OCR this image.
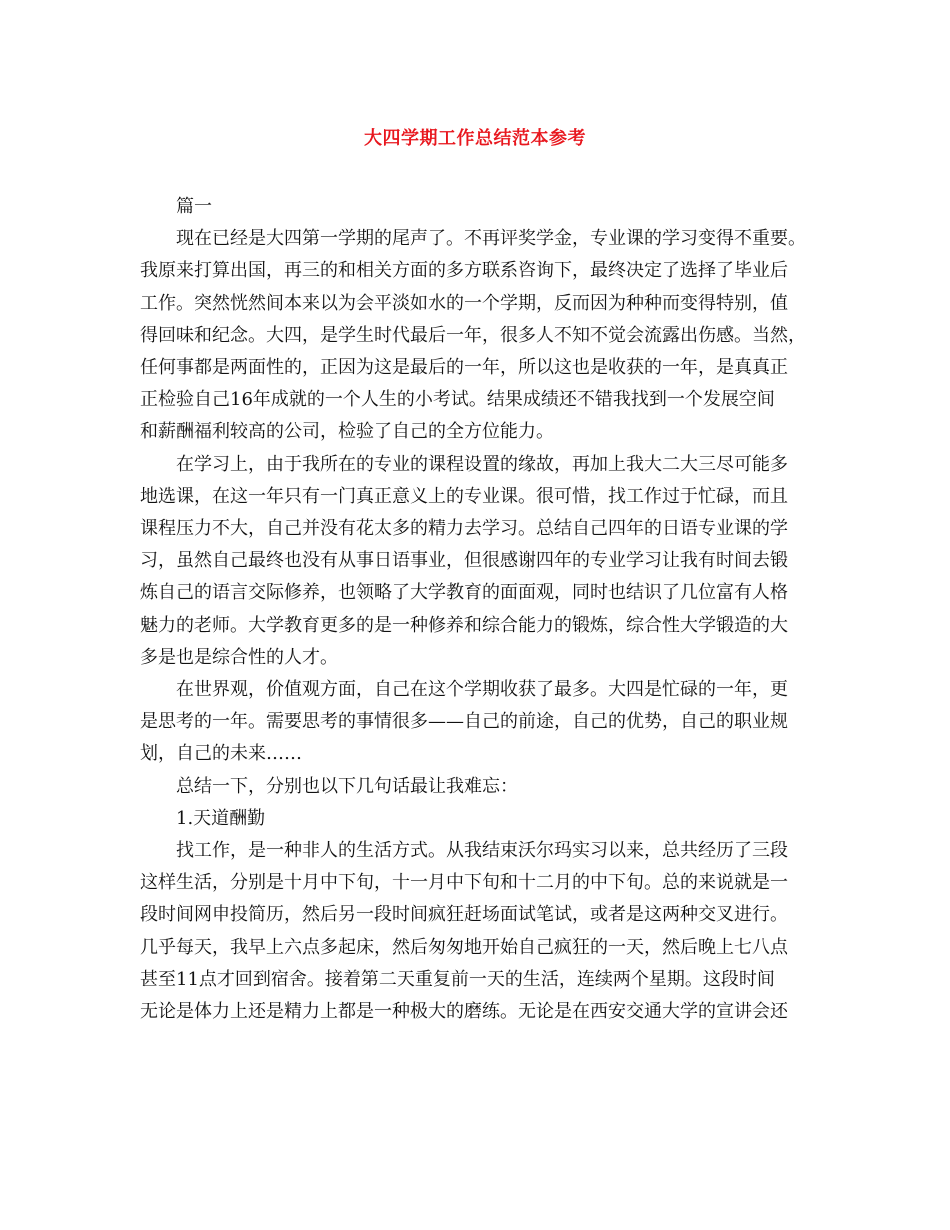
大四学期工作总结范本参考
篇一
现在已经是大四第一学期的尾声了。不再评奖学金，专业课的学习变得不重要。
我原来打算出国，再三的和相关方面的多方联系咨询下，最终决定了选择了毕业后
工作。突然恍然间本来以为会平淡如水的一个学期，反而因为种种而变得特别，值
得回味和纪念。大四，是学生时代最后一年，很多人不知不觉会流露出伤感。当然，
任何事都是两面性的，正因为这是最后的一年，所以这也是收获的一年，是真真正
正检验自己16年成就的一个人生的小考试。结果成绩还不错我找到一个发展空间
和薪酬福利较高的公司，检验了自己的全方位能力。
在学习上，由于我所在的专业的课程设置的缘故，再加上我大二大三尽可能多
地选课，在这一年只有一门真正意义上的专业课。很可惜，找工作过于忙碌，而且
课程压力不大，自己并没有花太多的精力去学习。总结自己四年的日语专业课的学
习，虽然自己最终也没有从事日语事业，但很感谢四年的专业学习让我有时间去锻
炼自己的语言交际修养，也领略了大学教育的面面观，同时也结识了几位富有人格
魅力的老师。大学教育更多的是一种修养和综合能力的锻炼，综合性大学锻造的大
多是也是综合性的人才。
在世界观，价值观方面，自己在这个学期收获了最多。大四是忙碌的一年，更
是思考的一年。需要思考的事情很多——自己的前途，自己的优势，自己的职业规
划，自己的未来……
总结一下，分别也以下几句话最让我难忘：
1.天道酬勤
找工作，是一种非人的生活方式。从我结束沃尔玛实习以来，总共经历了三段
这样生活，分别是十月中下旬，十一月中下旬和十二月的中下旬。总的来说就是一
段时间网申投简历，然后另一段时间疯狂赶场面试笔试，或者是这两种交叉进行。
几乎每天，我早上六点多起床，然后匆匆地开始自己疯狂的一天，然后晚上七八点
甚至11点才回到宿舍。接着第二天重复前一天的生活，连续两个星期。这段时间
无论是体力上还是精力上都是一种极大的磨练。无论是在西安交通大学的宣讲会还
